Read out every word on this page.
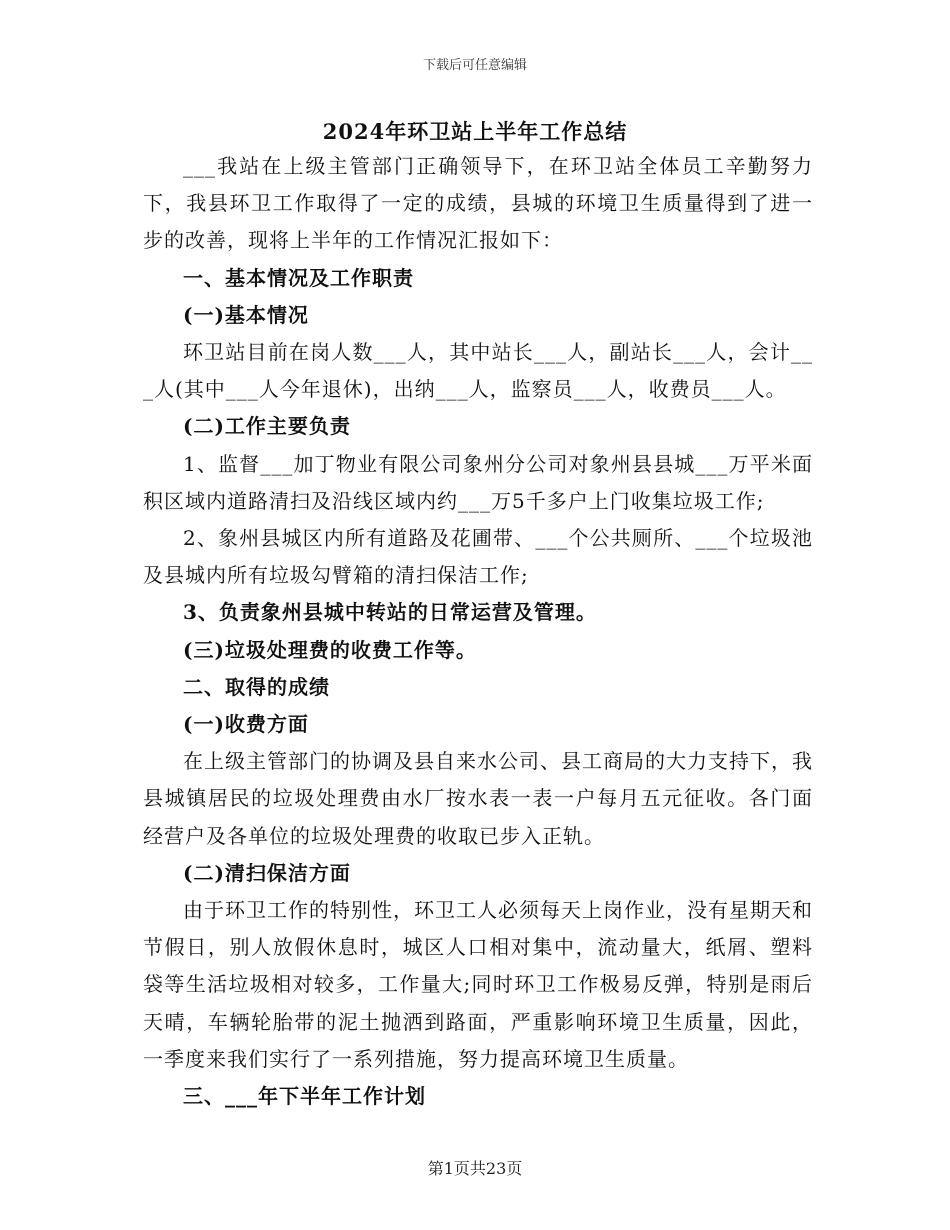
下载后可任意编辑
2024年环卫站上半年工作总结

___我站在上级主管部门正确领导下，在环卫站全体员工辛勤努力下，我县环卫工作取得了一定的成绩，县城的环境卫生质量得到了进一步的改善，现将上半年的工作情况汇报如下：

一、基本情况及工作职责

(一)基本情况

环卫站目前在岗人数___人，其中站长___人，副站长___人，会计___人(其中___人今年退休)，出纳___人，监察员___人，收费员___人。

(二)工作主要负责

1、监督___加丁物业有限公司象州分公司对象州县县城___万平米面积区域内道路清扫及沿线区域内约___万5千多户上门收集垃圾工作;

2、象州县城区内所有道路及花圃带、___个公共厕所、___个垃圾池及县城内所有垃圾勾臂箱的清扫保洁工作;

3、负责象州县城中转站的日常运营及管理。

(三)垃圾处理费的收费工作等。

二、取得的成绩

(一)收费方面

在上级主管部门的协调及县自来水公司、县工商局的大力支持下，我县城镇居民的垃圾处理费由水厂按水表一表一户每月五元征收。各门面经营户及各单位的垃圾处理费的收取已步入正轨。

(二)清扫保洁方面

由于环卫工作的特别性，环卫工人必须每天上岗作业，没有星期天和节假日，别人放假休息时，城区人口相对集中，流动量大，纸屑、塑料袋等生活垃圾相对较多，工作量大;同时环卫工作极易反弹，特别是雨后天晴，车辆轮胎带的泥土抛洒到路面，严重影响环境卫生质量，因此，一季度来我们实行了一系列措施，努力提高环境卫生质量。

三、___年下半年工作计划

第1页共23页
